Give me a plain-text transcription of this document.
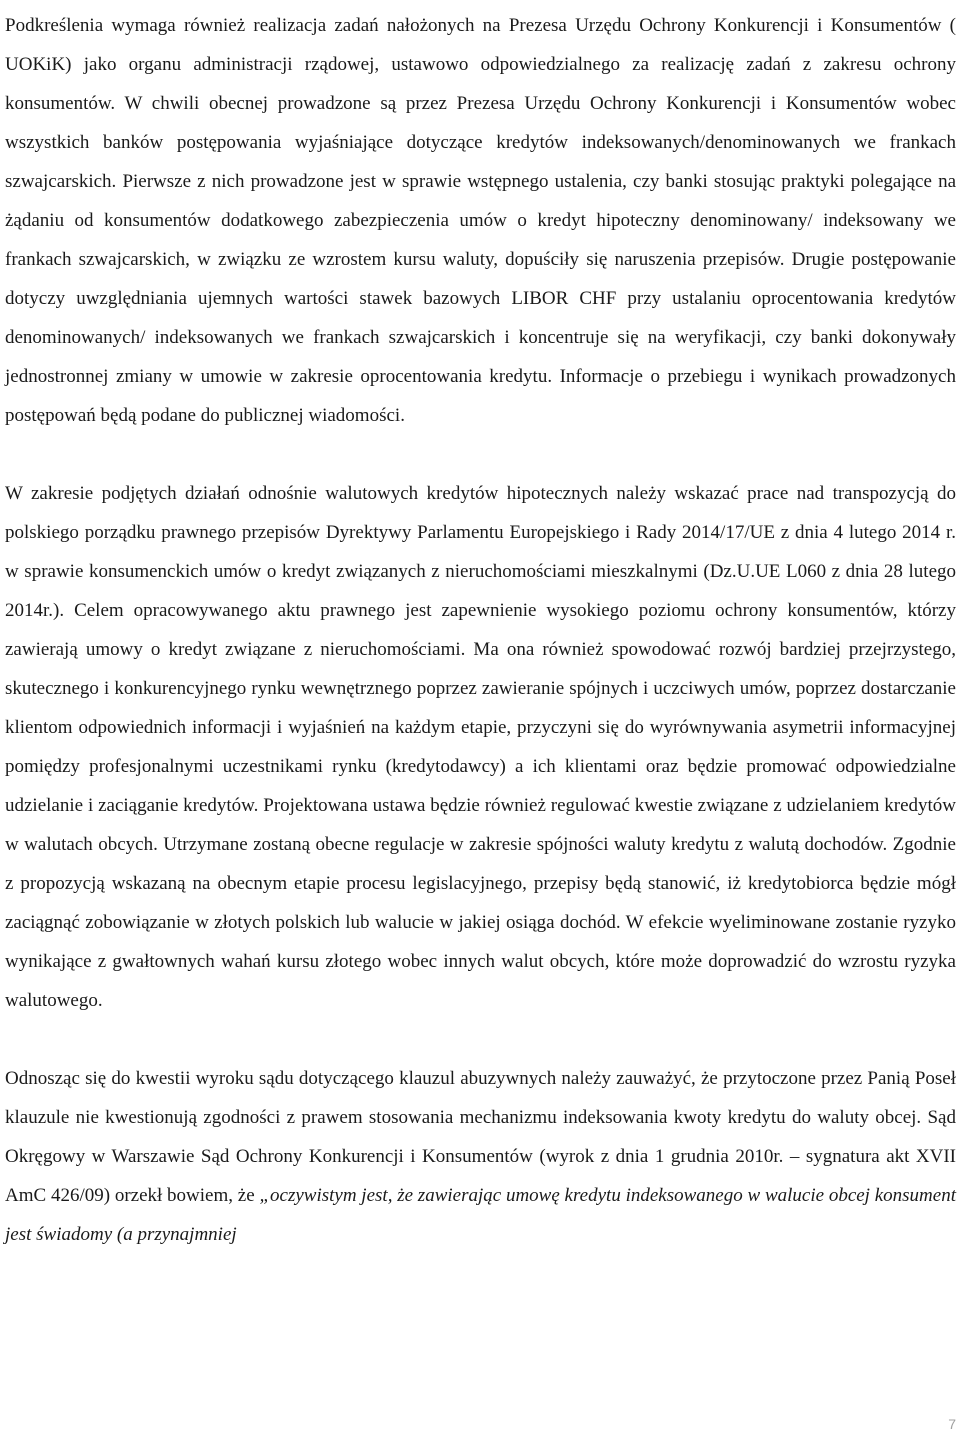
Podkreślenia wymaga również realizacja zadań nałożonych na Prezesa Urzędu Ochrony Konkurencji i Konsumentów ( UOKiK) jako organu administracji rządowej, ustawowo odpowiedzialnego za realizację zadań z zakresu ochrony konsumentów. W chwili obecnej prowadzone są przez Prezesa Urzędu Ochrony Konkurencji i Konsumentów wobec wszystkich banków postępowania wyjaśniające dotyczące kredytów indeksowanych/denominowanych we frankach szwajcarskich. Pierwsze z nich prowadzone jest w sprawie wstępnego ustalenia, czy banki stosując praktyki polegające na żądaniu od konsumentów dodatkowego zabezpieczenia umów o kredyt hipoteczny denominowany/ indeksowany we frankach szwajcarskich, w związku ze wzrostem kursu waluty, dopuściły się naruszenia przepisów. Drugie postępowanie dotyczy uwzględniania ujemnych wartości stawek bazowych LIBOR CHF przy ustalaniu oprocentowania kredytów denominowanych/ indeksowanych we frankach szwajcarskich i koncentruje się na weryfikacji, czy banki dokonywały jednostronnej zmiany w umowie w zakresie oprocentowania kredytu. Informacje o przebiegu i wynikach prowadzonych postępowań będą podane do publicznej wiadomości.

W zakresie podjętych działań odnośnie walutowych kredytów hipotecznych należy wskazać prace nad transpozycją do polskiego porządku prawnego przepisów Dyrektywy Parlamentu Europejskiego i Rady 2014/17/UE z dnia 4 lutego 2014 r. w sprawie konsumenckich umów o kredyt związanych z nieruchomościami mieszkalnymi (Dz.U.UE L060 z dnia 28 lutego 2014r.). Celem opracowywanego aktu prawnego jest zapewnienie wysokiego poziomu ochrony konsumentów, którzy zawierają umowy o kredyt związane z nieruchomościami. Ma ona również spowodować rozwój bardziej przejrzystego, skutecznego i konkurencyjnego rynku wewnętrznego poprzez zawieranie spójnych i uczciwych umów, poprzez dostarczanie klientom odpowiednich informacji i wyjaśnień na każdym etapie, przyczyni się do wyrównywania asymetrii informacyjnej pomiędzy profesjonalnymi uczestnikami rynku (kredytodawcy) a ich klientami oraz będzie promować odpowiedzialne udzielanie i zaciąganie kredytów. Projektowana ustawa będzie również regulować kwestie związane z udzielaniem kredytów w walutach obcych. Utrzymane zostaną obecne regulacje w zakresie spójności waluty kredytu z walutą dochodów. Zgodnie z propozycją wskazaną na obecnym etapie procesu legislacyjnego, przepisy będą stanowić, iż kredytobiorca będzie mógł zaciągnąć zobowiązanie w złotych polskich lub walucie w jakiej osiąga dochód. W efekcie wyeliminowane zostanie ryzyko wynikające z gwałtownych wahań kursu złotego wobec innych walut obcych, które może doprowadzić do wzrostu ryzyka walutowego.

Odnosząc się do kwestii wyroku sądu dotyczącego klauzul abuzywnych należy zauważyć, że przytoczone przez Panią Poseł klauzule nie kwestionują zgodności z prawem stosowania mechanizmu indeksowania kwoty kredytu do waluty obcej. Sąd Okręgowy w Warszawie Sąd Ochrony Konkurencji i Konsumentów (wyrok z dnia 1 grudnia 2010r. – sygnatura akt XVII AmC 426/09) orzekł bowiem, że „oczywistym jest, że zawierając umowę kredytu indeksowanego w walucie obcej konsument jest świadomy (a przynajmniej

7
